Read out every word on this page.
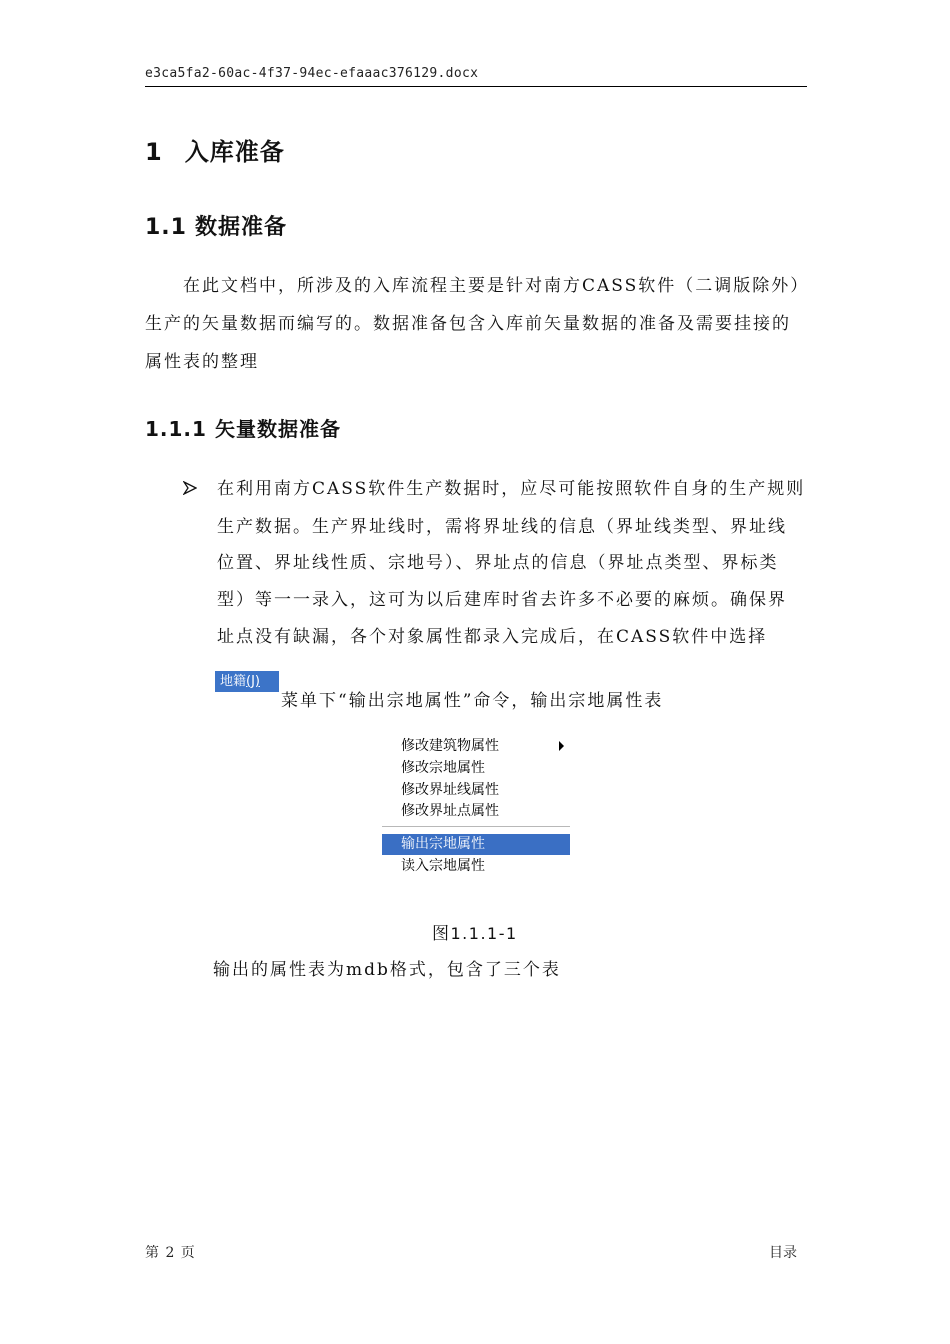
e3ca5fa2-60ac-4f37-94ec-efaaac376129.docx
1 入库准备
1.1 数据准备
在此文档中，所涉及的入库流程主要是针对南方CASS软件（二调版除外）
生产的矢量数据而编写的。数据准备包含入库前矢量数据的准备及需要挂接的
属性表的整理
1.1.1 矢量数据准备
在利用南方CASS软件生产数据时，应尽可能按照软件自身的生产规则
生产数据。生产界址线时，需将界址线的信息（界址线类型、界址线
位置、界址线性质、宗地号）、界址点的信息（界址点类型、界标类
型）等一一录入，这可为以后建库时省去许多不必要的麻烦。确保界
址点没有缺漏，各个对象属性都录入完成后，在CASS软件中选择
地籍(J)
菜单下“输出宗地属性”命令，输出宗地属性表
修改建筑物属性
修改宗地属性
修改界址线属性
修改界址点属性
输出宗地属性
读入宗地属性
图1.1.1-1
输出的属性表为mdb格式，包含了三个表
第 2 页	目录
